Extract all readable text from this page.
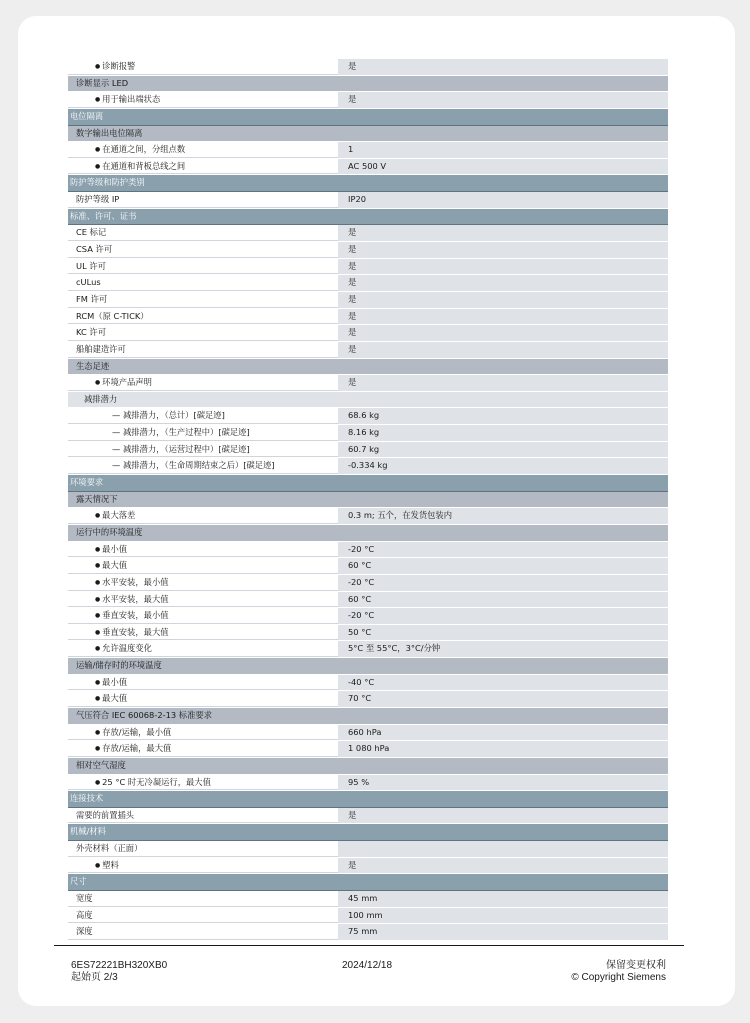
● 诊断报警	是
诊断显示 LED
● 用于输出端状态	是
电位隔离
数字输出电位隔离
● 在通道之间，分组点数	1
● 在通道和背板总线之间	AC 500 V
防护等级和防护类别
防护等级 IP	IP20
标准、许可、证书
CE 标记	是
CSA 许可	是
UL 许可	是
cULus	是
FM 许可	是
RCM（原 C-TICK）	是
KC 许可	是
船舶建造许可	是
生态足迹
● 环境产品声明	是
减排潜力
— 减排潜力，（总计）[碳足迹]	68.6 kg
— 减排潜力，（生产过程中）[碳足迹]	8.16 kg
— 减排潜力，（运营过程中）[碳足迹]	60.7 kg
— 减排潜力，（生命周期结束之后）[碳足迹]	-0.334 kg
环境要求
露天情况下
● 最大落差	0.3 m; 五个，在发货包装内
运行中的环境温度
● 最小值	-20 °C
● 最大值	60 °C
● 水平安装，最小值	-20 °C
● 水平安装，最大值	60 °C
● 垂直安装，最小值	-20 °C
● 垂直安装，最大值	50 °C
● 允许温度变化	5°C 至 55°C，3°C/分钟
运输/储存时的环境温度
● 最小值	-40 °C
● 最大值	70 °C
气压符合 IEC 60068-2-13 标准要求
● 存放/运输，最小值	660 hPa
● 存放/运输，最大值	1 080 hPa
相对空气湿度
● 25 °C 时无冷凝运行，最大值	95 %
连接技术
需要的前置插头	是
机械/材料
外壳材料（正面）
● 塑料	是
尺寸
宽度	45 mm
高度	100 mm
深度	75 mm
6ES72221BH320XB0
起始页 2/3
2024/12/18	保留变更权利
© Copyright Siemens
